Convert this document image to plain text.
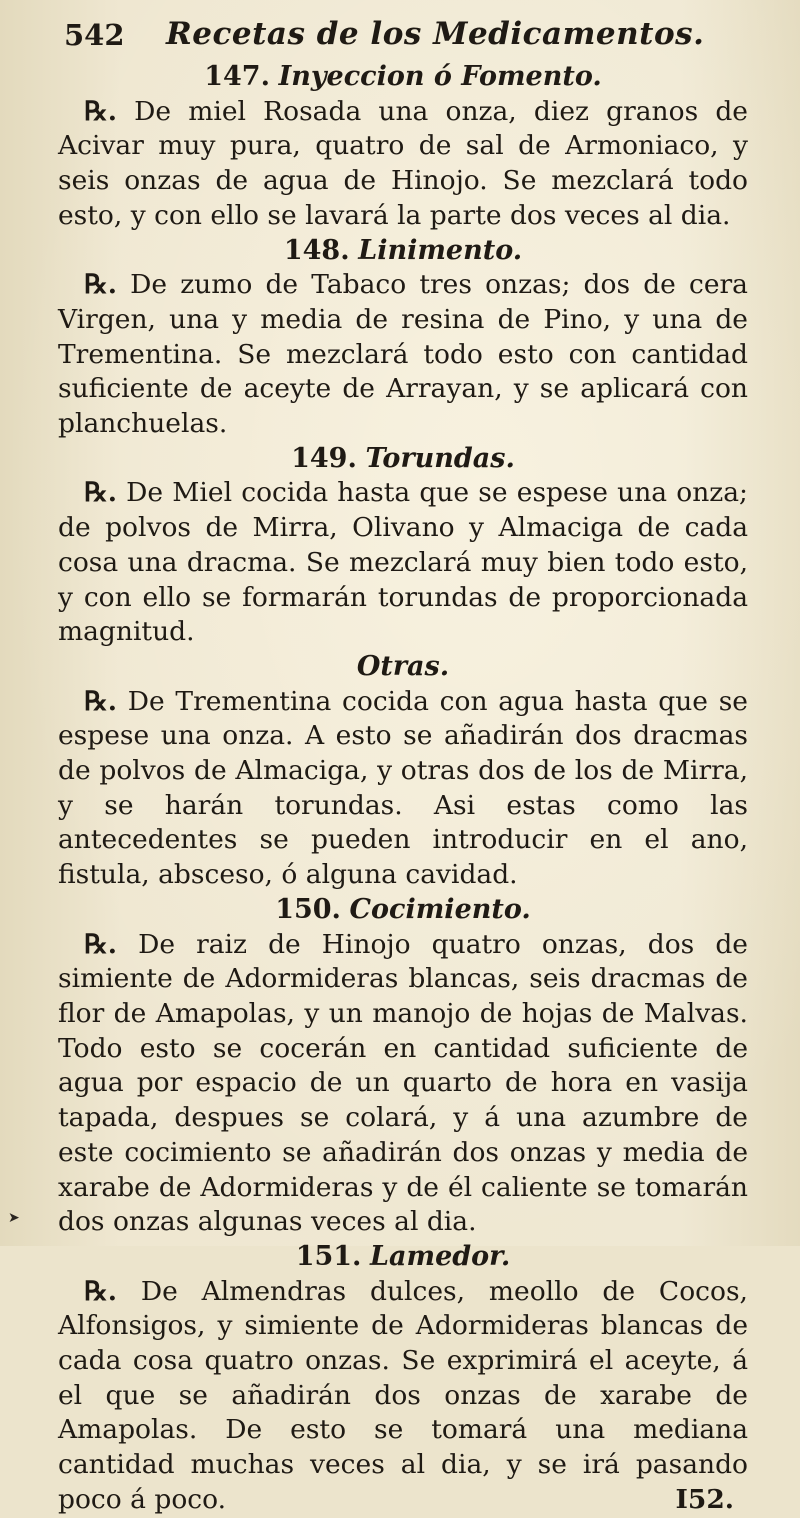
542 Recetas de los Medicamentos.

147. Inyeccion ó Fomento.

℞. De miel Rosada una onza, diez granos de Acivar muy pura, quatro de sal de Armoniaco, y seis onzas de agua de Hinojo. Se mezclará todo esto, y con ello se lavará la parte dos veces al dia.

148. Linimento.

℞. De zumo de Tabaco tres onzas; dos de cera Virgen, una y media de resina de Pino, y una de Trementina. Se mezclará todo esto con cantidad suficiente de aceyte de Arrayan, y se aplicará con planchuelas.

149. Torundas.

℞. De Miel cocida hasta que se espese una onza; de polvos de Mirra, Olivano y Almaciga de cada cosa una dracma. Se mezclará muy bien todo esto, y con ello se formarán torundas de proporcionada magnitud.

Otras.

℞. De Trementina cocida con agua hasta que se espese una onza. A esto se añadirán dos dracmas de polvos de Almaciga, y otras dos de los de Mirra, y se harán torundas. Asi estas como las antecedentes se pueden introducir en el ano, fistula, absceso, ó alguna cavidad.

150. Cocimiento.

℞. De raiz de Hinojo quatro onzas, dos de simiente de Adormideras blancas, seis dracmas de flor de Amapolas, y un manojo de hojas de Malvas. Todo esto se cocerán en cantidad suficiente de agua por espacio de un quarto de hora en vasija tapada, despues se colará, y á una azumbre de este cocimiento se añadirán dos onzas y media de xarabe de Adormideras y de él caliente se tomarán dos onzas algunas veces al dia.

151. Lamedor.

℞. De Almendras dulces, meollo de Cocos, Alfonsigos, y simiente de Adormideras blancas de cada cosa quatro onzas. Se exprimirá el aceyte, á el que se añadirán dos onzas de xarabe de Amapolas. De esto se tomará una mediana cantidad muchas veces al dia, y se irá pasando poco á poco.	I52.

➤
